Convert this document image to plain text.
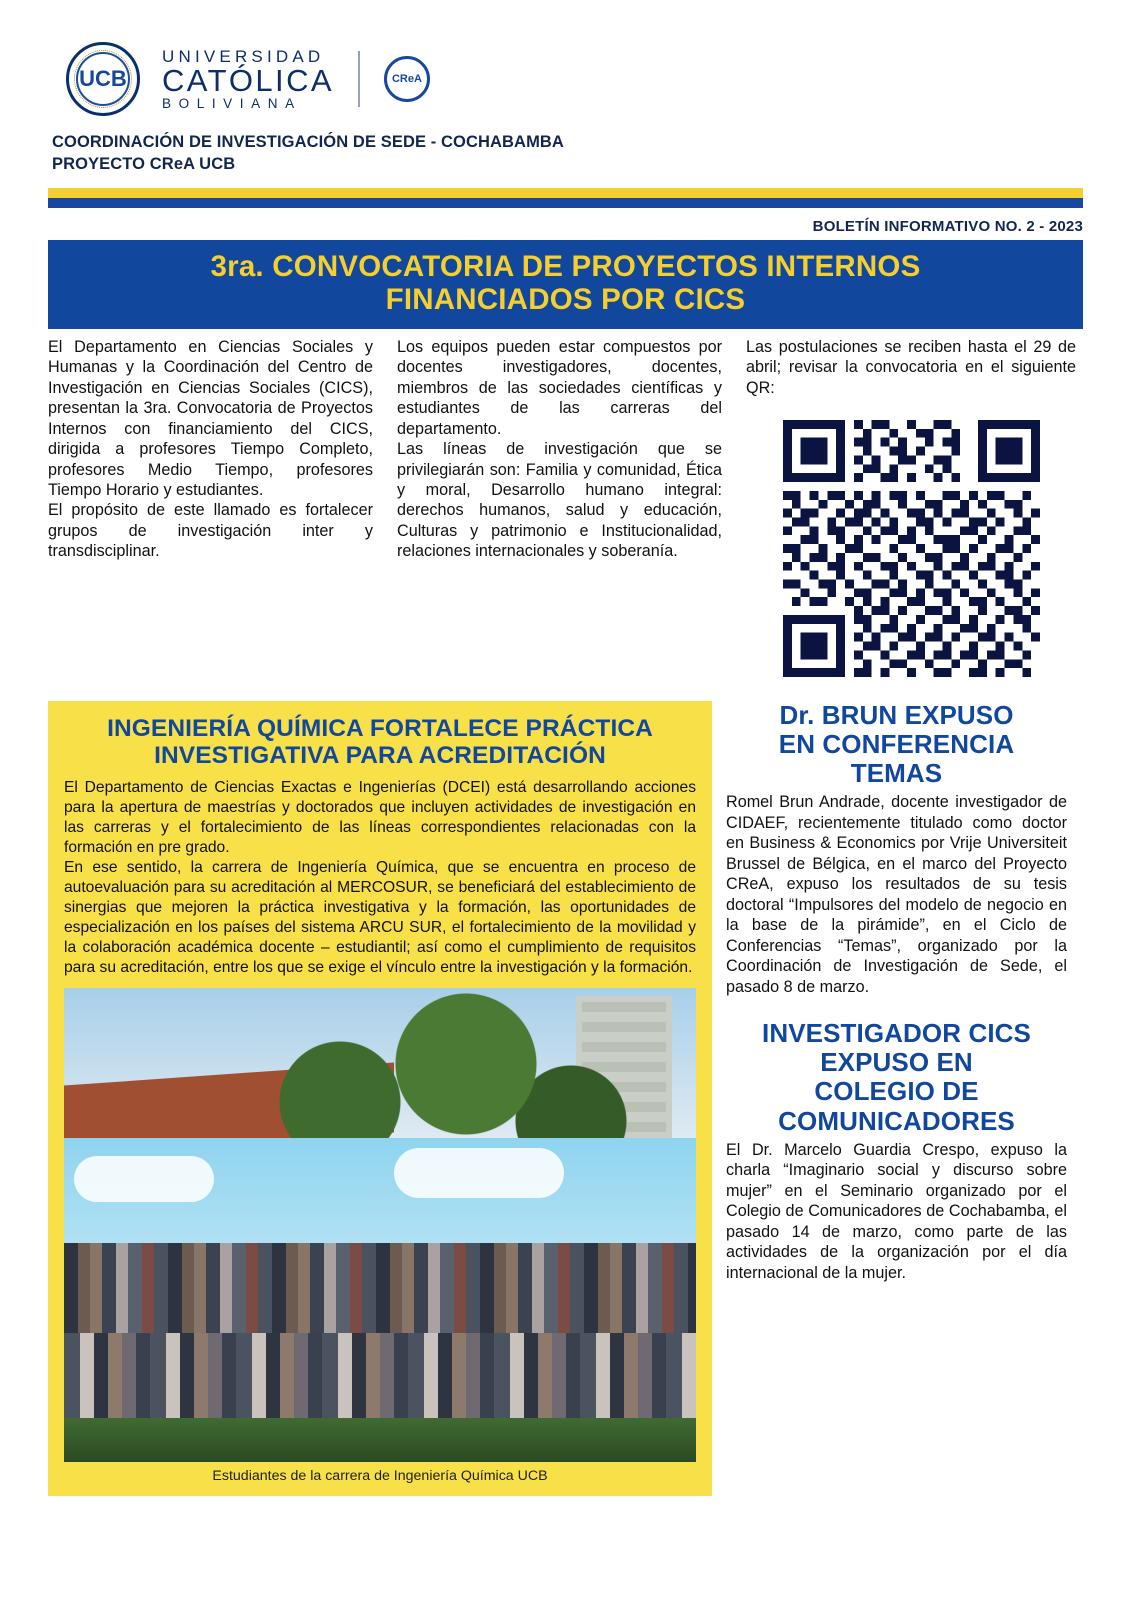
UCB
UNIVERSIDAD
CATÓLICA
BOLIVIANA
CReA
COORDINACIÓN DE INVESTIGACIÓN DE SEDE - COCHABAMBA
PROYECTO CReA UCB
BOLETÍN INFORMATIVO NO. 2 - 2023
3ra. CONVOCATORIA DE PROYECTOS INTERNOS
FINANCIADOS POR CICS

El Departamento en Ciencias Sociales y Humanas y la Coordinación del Centro de Investigación en Ciencias Sociales (CICS), presentan la 3ra. Convocatoria de Proyectos Internos con financiamiento del CICS, dirigida a profesores Tiempo Completo, profesores Medio Tiempo, profesores Tiempo Horario y estudiantes.

El propósito de este llamado es fortalecer grupos de investigación inter y transdisciplinar.

Los equipos pueden estar compuestos por docentes investigadores, docentes, miembros de las sociedades científicas y estudiantes de las carreras del departamento.

Las líneas de investigación que se privilegiarán son: Familia y comunidad, Ética y moral, Desarrollo humano integral: derechos humanos, salud y educación, Culturas y patrimonio e Institucionalidad, relaciones internacionales y soberanía.

Las postulaciones se reciben hasta el 29 de abril; revisar la convocatoria en el siguiente QR:

INGENIERÍA QUÍMICA FORTALECE PRÁCTICA
INVESTIGATIVA PARA ACREDITACIÓN

El Departamento de Ciencias Exactas e Ingenierías (DCEI) está desarrollando acciones para la apertura de maestrías y doctorados que incluyen actividades de investigación en las carreras y el fortalecimiento de las líneas correspondientes relacionadas con la formación en pre grado.

En ese sentido, la carrera de Ingeniería Química, que se encuentra en proceso de autoevaluación para su acreditación al MERCOSUR, se beneficiará del establecimiento de sinergias que mejoren la práctica investigativa y la formación, las oportunidades de especialización en los países del sistema ARCU SUR, el fortalecimiento de la movilidad y la colaboración académica docente – estudiantil; así como el cumplimiento de requisitos para su acreditación, entre los que se exige el vínculo entre la investigación y la formación.

Estudiantes de la carrera de Ingeniería Química UCB
Dr. BRUN EXPUSO
EN CONFERENCIA
TEMAS

Romel Brun Andrade, docente investigador de CIDAEF, recientemente titulado como doctor en Business & Economics por Vrije Universiteit Brussel de Bélgica, en el marco del Proyecto CReA, expuso los resultados de su tesis doctoral “Impulsores del modelo de negocio en la base de la pirámide”, en el Ciclo de Conferencias “Temas”, organizado por la Coordinación de Investigación de Sede, el pasado 8 de marzo.

INVESTIGADOR CICS
EXPUSO EN
COLEGIO DE
COMUNICADORES

El Dr. Marcelo Guardia Crespo, expuso la charla “Imaginario social y discurso sobre mujer” en el Seminario organizado por el Colegio de Comunicadores de Cochabamba, el pasado 14 de marzo, como parte de las actividades de la organización por el día internacional de la mujer.
